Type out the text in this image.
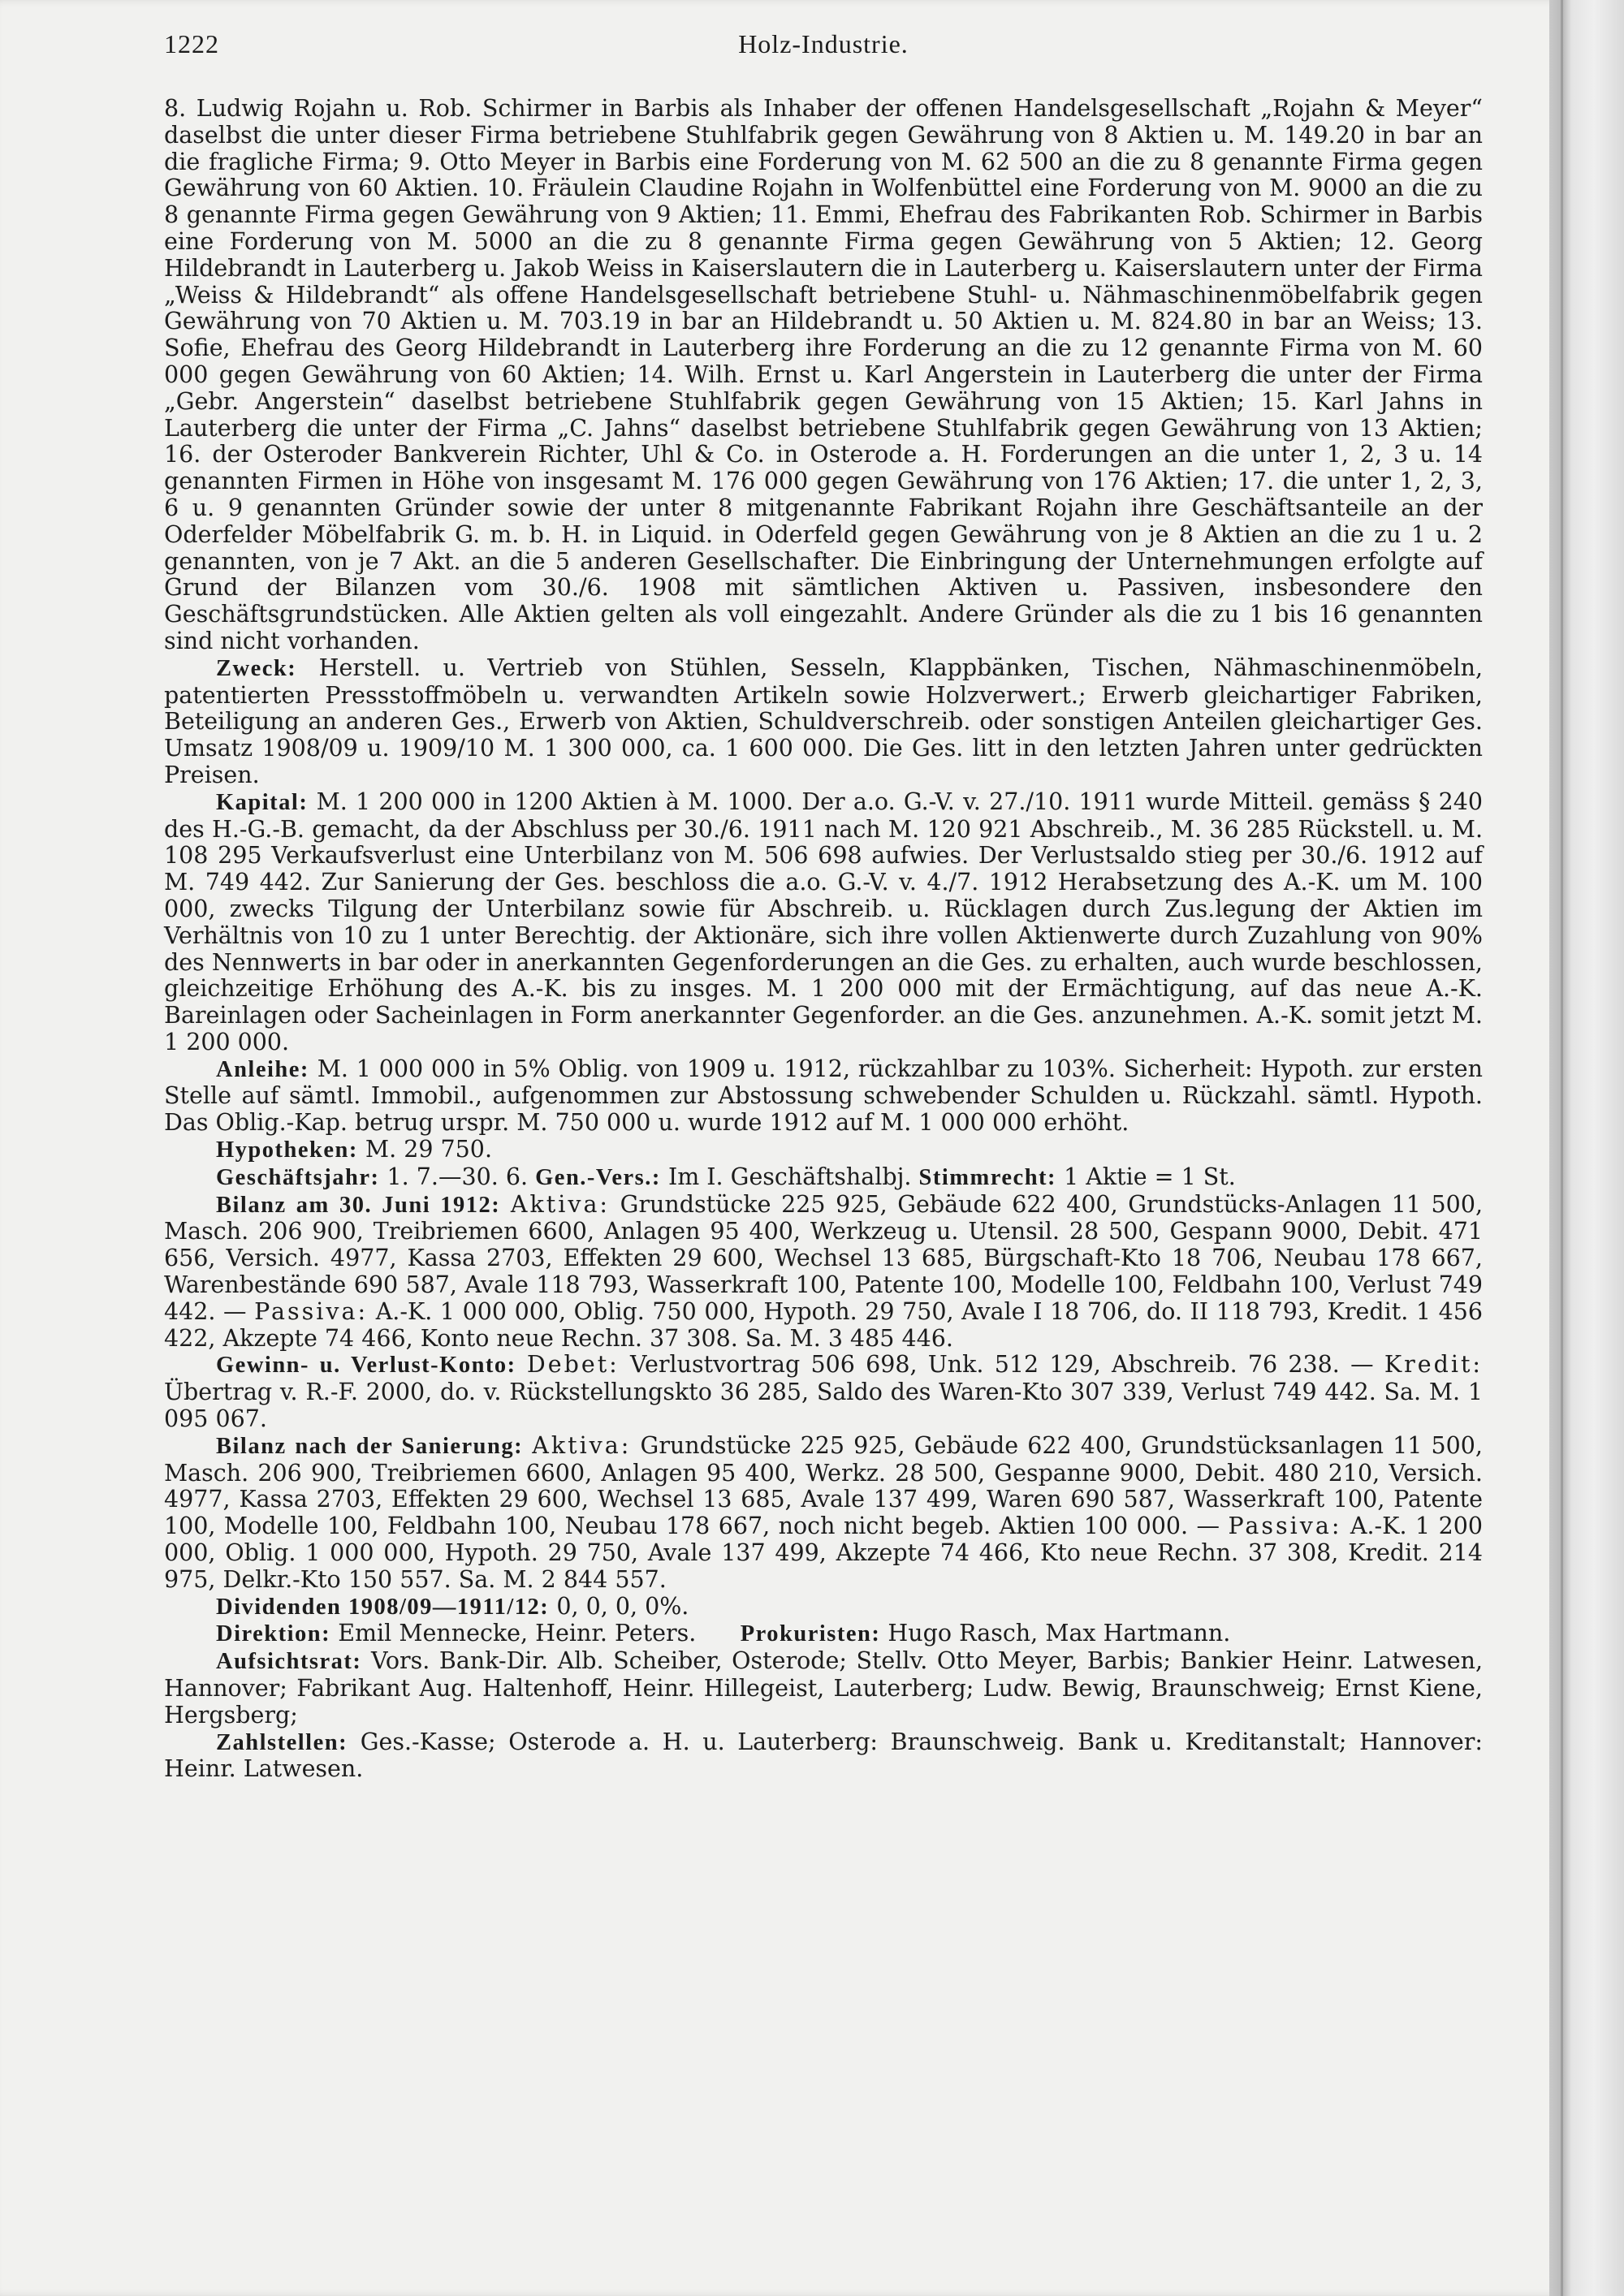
1222	Holz-Industrie.

8. Ludwig Rojahn u. Rob. Schirmer in Barbis als Inhaber der offenen Handelsgesellschaft „Rojahn & Meyer“ daselbst die unter dieser Firma betriebene Stuhlfabrik gegen Gewährung von 8 Aktien u. M. 149.20 in bar an die fragliche Firma; 9. Otto Meyer in Barbis eine Forderung von M. 62 500 an die zu 8 genannte Firma gegen Gewährung von 60 Aktien. 10. Fräulein Claudine Rojahn in Wolfenbüttel eine Forderung von M. 9000 an die zu 8 genannte Firma gegen Gewährung von 9 Aktien; 11. Emmi, Ehefrau des Fabrikanten Rob. Schirmer in Barbis eine Forderung von M. 5000 an die zu 8 genannte Firma gegen Gewährung von 5 Aktien; 12. Georg Hildebrandt in Lauterberg u. Jakob Weiss in Kaiserslautern die in Lauterberg u. Kaiserslautern unter der Firma „Weiss & Hildebrandt“ als offene Handelsgesellschaft betriebene Stuhl- u. Nähmaschinenmöbelfabrik gegen Gewährung von 70 Aktien u. M. 703.19 in bar an Hildebrandt u. 50 Aktien u. M. 824.80 in bar an Weiss; 13. Sofie, Ehefrau des Georg Hildebrandt in Lauterberg ihre Forderung an die zu 12 genannte Firma von M. 60 000 gegen Gewährung von 60 Aktien; 14. Wilh. Ernst u. Karl Angerstein in Lauterberg die unter der Firma „Gebr. Angerstein“ daselbst betriebene Stuhlfabrik gegen Gewährung von 15 Aktien; 15. Karl Jahns in Lauterberg die unter der Firma „C. Jahns“ daselbst betriebene Stuhlfabrik gegen Gewährung von 13 Aktien; 16. der Osteroder Bankverein Richter, Uhl & Co. in Osterode a. H. Forderungen an die unter 1, 2, 3 u. 14 genannten Firmen in Höhe von insgesamt M. 176 000 gegen Gewährung von 176 Aktien; 17. die unter 1, 2, 3, 6 u. 9 genannten Gründer sowie der unter 8 mitgenannte Fabrikant Rojahn ihre Geschäftsanteile an der Oderfelder Möbelfabrik G. m. b. H. in Liquid. in Oderfeld gegen Gewährung von je 8 Aktien an die zu 1 u. 2 genannten, von je 7 Akt. an die 5 anderen Gesellschafter. Die Einbringung der Unternehmungen erfolgte auf Grund der Bilanzen vom 30./6. 1908 mit sämtlichen Aktiven u. Passiven, insbesondere den Geschäftsgrundstücken. Alle Aktien gelten als voll eingezahlt. Andere Gründer als die zu 1 bis 16 genannten sind nicht vorhanden.

Zweck: Herstell. u. Vertrieb von Stühlen, Sesseln, Klappbänken, Tischen, Nähmaschinenmöbeln, patentierten Pressstoffmöbeln u. verwandten Artikeln sowie Holzverwert.; Erwerb gleichartiger Fabriken, Beteiligung an anderen Ges., Erwerb von Aktien, Schuldverschreib. oder sonstigen Anteilen gleichartiger Ges. Umsatz 1908/09 u. 1909/10 M. 1 300 000, ca. 1 600 000. Die Ges. litt in den letzten Jahren unter gedrückten Preisen.

Kapital: M. 1 200 000 in 1200 Aktien à M. 1000. Der a.o. G.-V. v. 27./10. 1911 wurde Mitteil. gemäss § 240 des H.-G.-B. gemacht, da der Abschluss per 30./6. 1911 nach M. 120 921 Abschreib., M. 36 285 Rückstell. u. M. 108 295 Verkaufsverlust eine Unterbilanz von M. 506 698 aufwies. Der Verlustsaldo stieg per 30./6. 1912 auf M. 749 442. Zur Sanierung der Ges. beschloss die a.o. G.-V. v. 4./7. 1912 Herabsetzung des A.-K. um M. 100 000, zwecks Tilgung der Unterbilanz sowie für Abschreib. u. Rücklagen durch Zus.legung der Aktien im Verhältnis von 10 zu 1 unter Berechtig. der Aktionäre, sich ihre vollen Aktienwerte durch Zuzahlung von 90% des Nennwerts in bar oder in anerkannten Gegenforderungen an die Ges. zu erhalten, auch wurde beschlossen, gleichzeitige Erhöhung des A.-K. bis zu insges. M. 1 200 000 mit der Ermächtigung, auf das neue A.-K. Bareinlagen oder Sacheinlagen in Form anerkannter Gegenforder. an die Ges. anzunehmen. A.-K. somit jetzt M. 1 200 000.

Anleihe: M. 1 000 000 in 5% Oblig. von 1909 u. 1912, rückzahlbar zu 103%. Sicherheit: Hypoth. zur ersten Stelle auf sämtl. Immobil., aufgenommen zur Abstossung schwebender Schulden u. Rückzahl. sämtl. Hypoth. Das Oblig.-Kap. betrug urspr. M. 750 000 u. wurde 1912 auf M. 1 000 000 erhöht.

Hypotheken: M. 29 750.

Geschäftsjahr: 1. 7.—30. 6. Gen.-Vers.: Im I. Geschäftshalbj. Stimmrecht: 1 Aktie = 1 St.

Bilanz am 30. Juni 1912: Aktiva: Grundstücke 225 925, Gebäude 622 400, Grundstücks-Anlagen 11 500, Masch. 206 900, Treibriemen 6600, Anlagen 95 400, Werkzeug u. Utensil. 28 500, Gespann 9000, Debit. 471 656, Versich. 4977, Kassa 2703, Effekten 29 600, Wechsel 13 685, Bürgschaft-Kto 18 706, Neubau 178 667, Warenbestände 690 587, Avale 118 793, Wasserkraft 100, Patente 100, Modelle 100, Feldbahn 100, Verlust 749 442. — Passiva: A.-K. 1 000 000, Oblig. 750 000, Hypoth. 29 750, Avale I 18 706, do. II 118 793, Kredit. 1 456 422, Akzepte 74 466, Konto neue Rechn. 37 308. Sa. M. 3 485 446.

Gewinn- u. Verlust-Konto: Debet: Verlustvortrag 506 698, Unk. 512 129, Abschreib. 76 238. — Kredit: Übertrag v. R.-F. 2000, do. v. Rückstellungskto 36 285, Saldo des Waren-Kto 307 339, Verlust 749 442. Sa. M. 1 095 067.

Bilanz nach der Sanierung: Aktiva: Grundstücke 225 925, Gebäude 622 400, Grundstücksanlagen 11 500, Masch. 206 900, Treibriemen 6600, Anlagen 95 400, Werkz. 28 500, Gespanne 9000, Debit. 480 210, Versich. 4977, Kassa 2703, Effekten 29 600, Wechsel 13 685, Avale 137 499, Waren 690 587, Wasserkraft 100, Patente 100, Modelle 100, Feldbahn 100, Neubau 178 667, noch nicht begeb. Aktien 100 000. — Passiva: A.-K. 1 200 000, Oblig. 1 000 000, Hypoth. 29 750, Avale 137 499, Akzepte 74 466, Kto neue Rechn. 37 308, Kredit. 214 975, Delkr.-Kto 150 557. Sa. M. 2 844 557.

Dividenden 1908/09—1911/12: 0, 0, 0, 0%.

Direktion: Emil Mennecke, Heinr. Peters. Prokuristen: Hugo Rasch, Max Hartmann.

Aufsichtsrat: Vors. Bank-Dir. Alb. Scheiber, Osterode; Stellv. Otto Meyer, Barbis; Bankier Heinr. Latwesen, Hannover; Fabrikant Aug. Haltenhoff, Heinr. Hillegeist, Lauterberg; Ludw. Bewig, Braunschweig; Ernst Kiene, Hergsberg;

Zahlstellen: Ges.-Kasse; Osterode a. H. u. Lauterberg: Braunschweig. Bank u. Kreditanstalt; Hannover: Heinr. Latwesen.
